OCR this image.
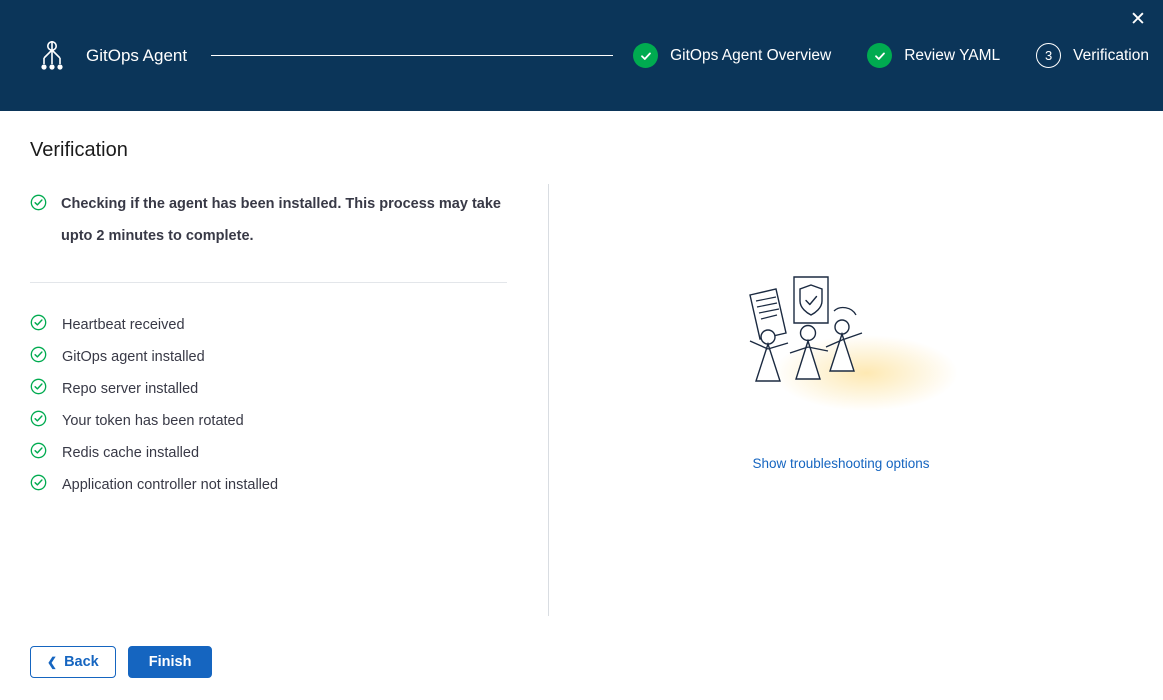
GitOps Agent	GitOps Agent Overview	Review YAML	3	Verification
✕
Verification
Checking if the agent has been installed. This process may take upto 2 minutes to complete.
Heartbeat received
GitOps agent installed
Repo server installed
Your token has been rotated
Redis cache installed
Application controller not installed
Show troubleshooting options
❮ Back	Finish
